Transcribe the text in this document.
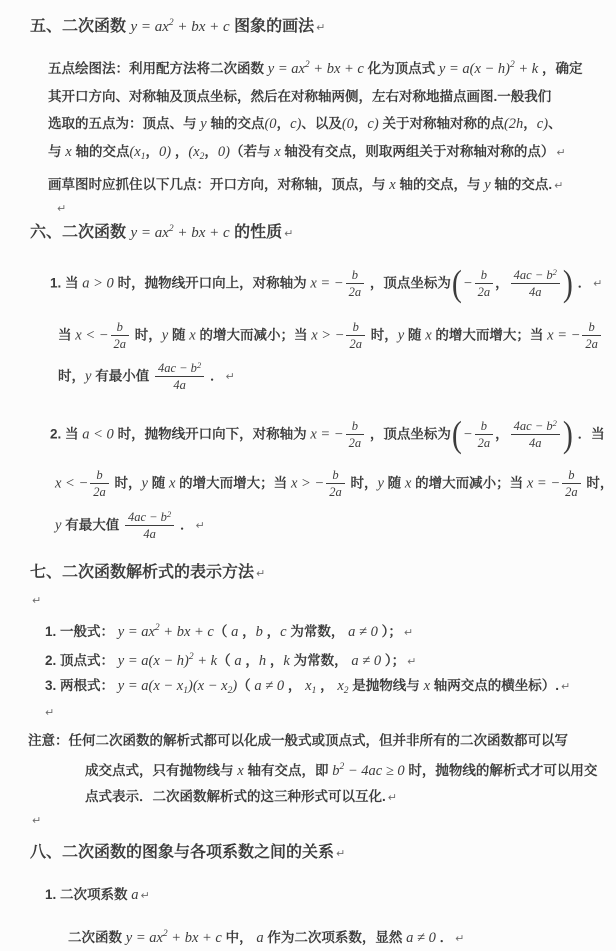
五、二次函数 $y = ax^2$ + bx + c 图象的画法 ↵
五点绘图法：利用配方法将二次函数 $y = ax^2$ + bx + c 化为顶点式 $y = a(x - h)^2 + k$ ，确定
其开口方向、对称轴及顶点坐标，然后在对称轴两侧，左右对称地描点画图.一般我们
选取的五点为：顶点、与 y 轴的交点(0，c)、以及(0，c) 关于对称轴对称的点(2h，c)、
与 x 轴的交点($x_1$，0) ，($x_2$，0)（若与 x 轴没有交点，则取两组关于对称轴对称的点） ↵
画草图时应抓住以下几点：开口方向，对称轴，顶点，与 x 轴的交点，与 y 轴的交点. ↵
↵
六、二次函数 $y = ax^2$ + bx + c 的性质 ↵
1. 当 a > 0 时，抛物线开口向上，对称轴为 x = − $\frac{b}{2a}$ ，顶点坐标为(− $\frac{b}{2a}$ ， $\frac{4ac - b^2}{4a}$ ) ． ↵
当 x < − $\frac{b}{2a}$ 时，y 随 x 的增大而减小；当 x > − $\frac{b}{2a}$ 时，y 随 x 的增大而增大；当 x = − $\frac{b}{2a}$
时，y 有最小值 $\frac{4ac - b^2}{4a}$ ． ↵
2. 当 a < 0 时，抛物线开口向下，对称轴为 x = − $\frac{b}{2a}$ ，顶点坐标为(− $\frac{b}{2a}$ ， $\frac{4ac - b^2}{4a}$ ) ．当
x < − $\frac{b}{2a}$ 时，y 随 x 的增大而增大；当 x > − $\frac{b}{2a}$ 时，y 随 x 的增大而减小；当 x = − $\frac{b}{2a}$ 时，
y 有最大值 $\frac{4ac - b^2}{4a}$ ． ↵
七、二次函数解析式的表示方法 ↵
↵
1. 一般式： $y = ax^2$ + bx + c（ a ，b ，c 为常数， a ≠ 0 ）； ↵
2. 顶点式： $y = a(x - h)^2 + k$（ a ，h ，k 为常数， a ≠ 0 ）； ↵
3. 两根式： $y = a(x - x_1)(x - x_2)$（ a ≠ 0 ， $x_1$ ， $x_2$ 是抛物线与 x 轴两交点的横坐标）. ↵
↵
注意：任何二次函数的解析式都可以化成一般式或顶点式，但并非所有的二次函数都可以写
成交点式，只有抛物线与 x 轴有交点，即 $b^2 - 4ac \ge 0$ 时，抛物线的解析式才可以用交
点式表示．二次函数解析式的这三种形式可以互化. ↵
↵
八、二次函数的图象与各项系数之间的关系 ↵
1. 二次项系数 a ↵
二次函数 $y = ax^2$ + bx + c 中， a 作为二次项系数，显然 a ≠ 0 ． ↵
